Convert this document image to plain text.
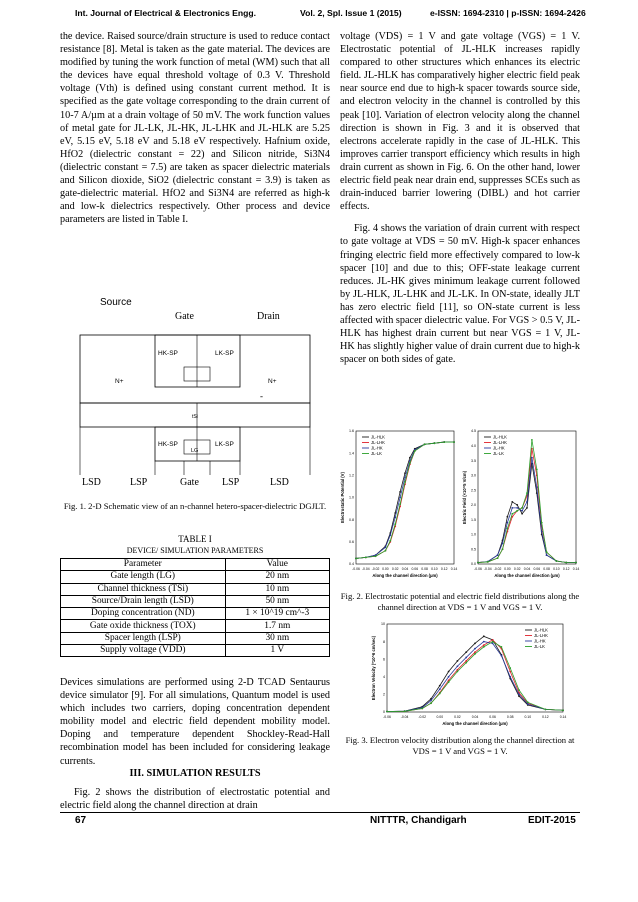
Int. Journal of Electrical & Electronics Engg.	Vol. 2, Spl. Issue 1 (2015)	e-ISSN: 1694-2310 | p-ISSN: 1694-2426

the device. Raised source/drain structure is used to reduce contact resistance [8]. Metal is taken as the gate material. The devices are modified by tuning the work function of metal (WM) such that all the devices have equal threshold voltage of 0.3 V. Threshold voltage (Vth) is defined using constant current method. It is specified as the gate voltage corresponding to the drain current of 10-7 A/µm at a drain voltage of 50 mV. The work function values of metal gate for JL-LK, JL-HK, JL-LHK and JL-HLK are 5.25 eV, 5.15 eV, 5.18 eV and 5.18 eV respectively. Hafnium oxide, HfO2 (dielectric constant = 22) and Silicon nitride, Si3N4 (dielectric constant = 7.5) are taken as spacer dielectric materials and Silicon dioxide, SiO2 (dielectric constant = 3.9) is taken as gate-dielectric material. HfO2 and Si3N4 are referred as high-k and low-k dielectrics respectively. Other process and device parameters are listed in Table I.

Source
Gate	Drain
HK-SP	LK-SP
N+	N+
tSi
-
HK-SP	LK-SP
LG
LSD	LSP	Gate LSP	LSD
Fig. 1. 2-D Schematic view of an n-channel hetero-spacer-dielectric DGJLT.
TABLE I
DEVICE/ SIMULATION PARAMETERS
Parameter	Value
Gate length (LG)	20 nm
Channel thickness (TSi)	10 nm
Source/Drain length (LSD)	50 nm
Doping concentration (ND)	1 × 10^19 cm^-3
Gate oxide thickness (TOX)	1.7 nm
Spacer length (LSP)	30 nm
Supply voltage (VDD)	1 V

Devices simulations are performed using 2-D TCAD Sentaurus device simulator [9]. For all simulations, Quantum model is used which includes two carriers, doping concentration dependent mobility model and electric field dependent mobility model. Doping and temperature dependent Shockley-Read-Hall recombination model has been included for considering leakage currents.

III. SIMULATION RESULTS

Fig. 2 shows the distribution of electrostatic potential and electric field along the channel direction at drain

voltage (VDS) = 1 V and gate voltage (VGS) = 1 V. Electrostatic potential of JL-HLK increases rapidly compared to other structures which enhances its electric field. JL-HLK has comparatively higher electric field peak near source end due to high-k spacer towards source side, and electron velocity in the channel is controlled by this peak [10]. Variation of electron velocity along the channel direction is shown in Fig. 3 and it is observed that electrons accelerate rapidly in the case of JL-HLK. This improves carrier transport efficiency which results in high drain current as shown in Fig. 6. On the other hand, lower electric field peak near drain end, suppresses SCEs such as drain-induced barrier lowering (DIBL) and hot carrier effects.

Fig. 4 shows the variation of drain current with respect to gate voltage at VDS = 50 mV. High-k spacer enhances fringing electric field more effectively compared to low-k spacer [10] and due to this; OFF-state leakage current reduces. JL-HK gives minimum leakage current followed by JL-HLK, JL-LHK and JL-LK. In ON-state, ideally JLT has zero electric field [11], so ON-state current is less affected with spacer dielectric value. For VGS > 0.5 V, JL-HLK has highest drain current but near VGS = 1 V, JL-HK has slightly higher value of drain current due to high-k spacer on both sides of gate.

-0.06 -0.04 -0.02 0.00 0.02 0.04 0.06 0.08 0.10 0.12 0.14
0.4
0.6
0.8
1.0
1.2
1.4
1.6
Along the channel direction (µm)
Electrostatic Potential (V)
JL-HLK
JL-LHK
JL-HK
JL-LK
-0.06 -0.04 -0.02 0.00 0.02 0.04 0.06 0.08 0.10 0.12 0.14
0.0
0.5
1.0
1.5
2.0
2.5
3.0
3.5
4.0
4.5
Along the channel direction (µm)
Electric Field (×10^5 V/cm)
JL-HLK
JL-LHK
JL-HK
JL-LK
Fig. 2. Electrostatic potential and electric field distributions along the channel direction at VDS = 1 V and VGS = 1 V.
-0.06	-0.04	-0.02	0.00	0.02	0.04	0.06	0.08	0.10	0.12	0.14
0
2
4
6
8
10
Along the channel direction (µm)
Electron Velocity (*10^6 cm/sec)
JL-HLK
JL-LHK
JL-HK
JL-LK
Fig. 3. Electron velocity distribution along the channel direction at VDS = 1 V and VGS = 1 V.
67	NITTTR, Chandigarh	EDIT-2015
